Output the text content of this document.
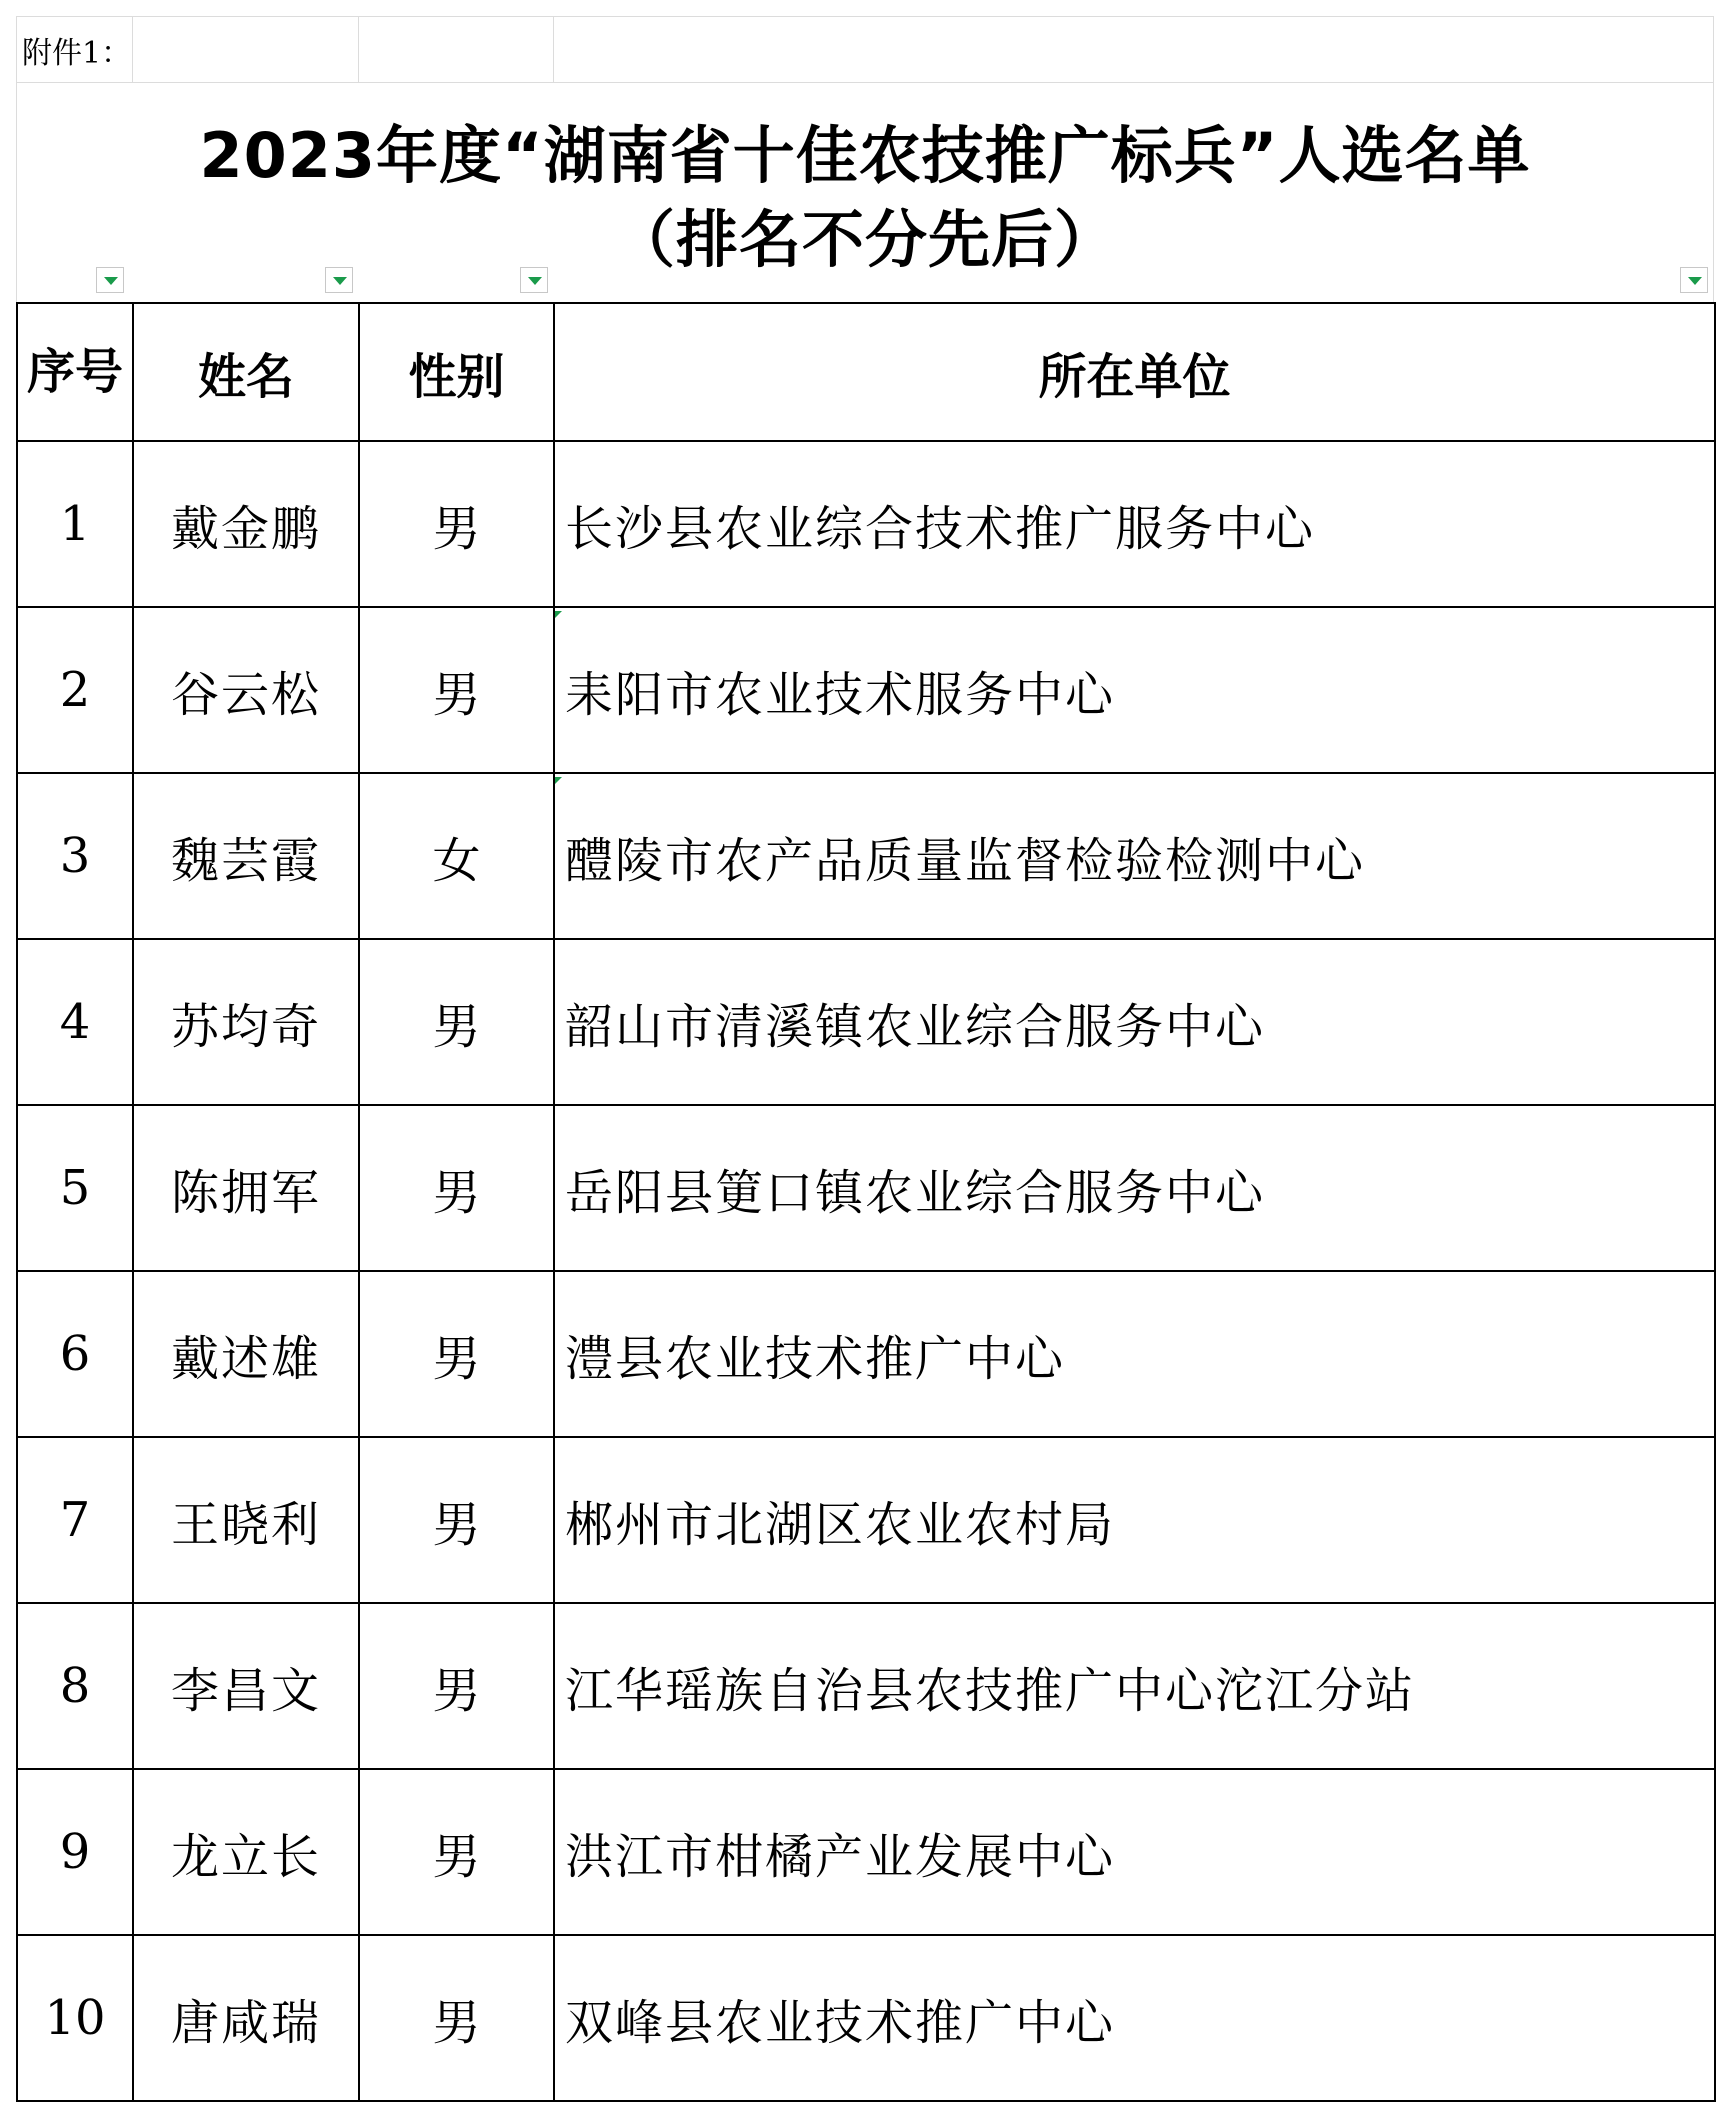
附件1：
2023年度“湖南省十佳农技推广标兵”人选名单
（排名不分先后）
序号	姓名	性别	所在单位
1	戴金鹏	男	长沙县农业综合技术推广服务中心
2	谷云松	男	耒阳市农业技术服务中心
3	魏芸霞	女	醴陵市农产品质量监督检验检测中心
4	苏均奇	男	韶山市清溪镇农业综合服务中心
5	陈拥军	男	岳阳县筻口镇农业综合服务中心
6	戴述雄	男	澧县农业技术推广中心
7	王晓利	男	郴州市北湖区农业农村局
8	李昌文	男	江华瑶族自治县农技推广中心沱江分站
9	龙立长	男	洪江市柑橘产业发展中心
10	唐咸瑞	男	双峰县农业技术推广中心
